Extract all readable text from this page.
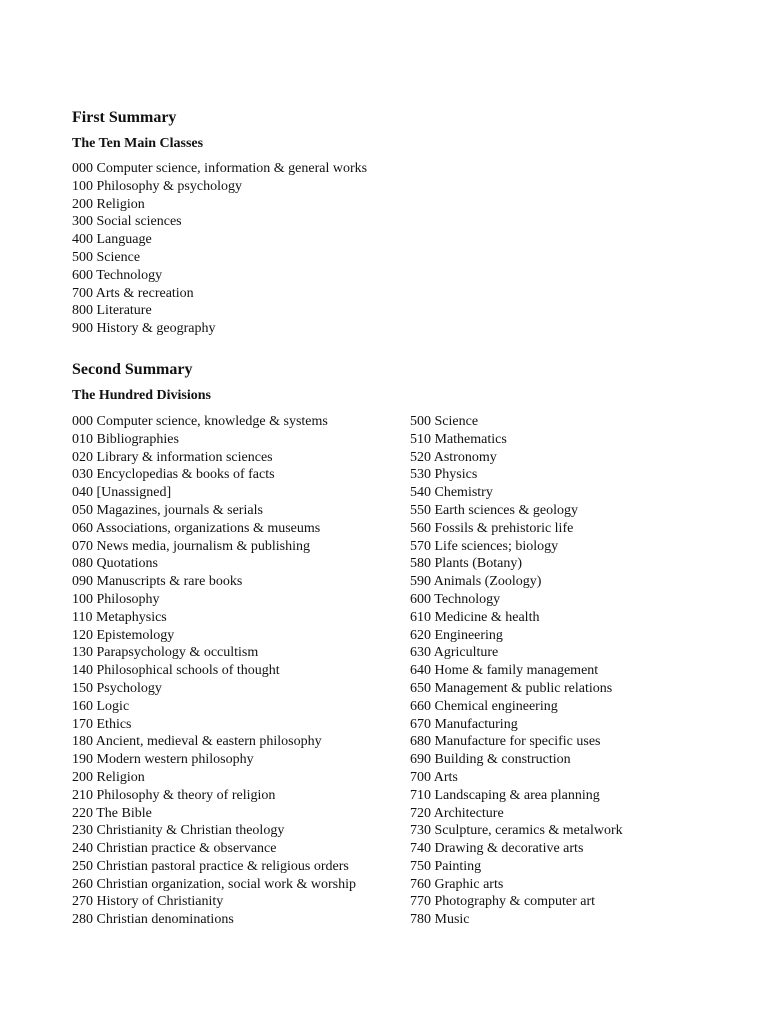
First Summary
The Ten Main Classes
000 Computer science, information & general works
100 Philosophy & psychology
200 Religion
300 Social sciences
400 Language
500 Science
600 Technology
700 Arts & recreation
800 Literature
900 History & geography
Second Summary
The Hundred Divisions
000 Computer science, knowledge & systems
010 Bibliographies
020 Library & information sciences
030 Encyclopedias & books of facts
040 [Unassigned]
050 Magazines, journals & serials
060 Associations, organizations & museums
070 News media, journalism & publishing
080 Quotations
090 Manuscripts & rare books
100 Philosophy
110 Metaphysics
120 Epistemology
130 Parapsychology & occultism
140 Philosophical schools of thought
150 Psychology
160 Logic
170 Ethics
180 Ancient, medieval & eastern philosophy
190 Modern western philosophy
200 Religion
210 Philosophy & theory of religion
220 The Bible
230 Christianity & Christian theology
240 Christian practice & observance
250 Christian pastoral practice & religious orders
260 Christian organization, social work & worship
270 History of Christianity
280 Christian denominations
500 Science
510 Mathematics
520 Astronomy
530 Physics
540 Chemistry
550 Earth sciences & geology
560 Fossils & prehistoric life
570 Life sciences; biology
580 Plants (Botany)
590 Animals (Zoology)
600 Technology
610 Medicine & health
620 Engineering
630 Agriculture
640 Home & family management
650 Management & public relations
660 Chemical engineering
670 Manufacturing
680 Manufacture for specific uses
690 Building & construction
700 Arts
710 Landscaping & area planning
720 Architecture
730 Sculpture, ceramics & metalwork
740 Drawing & decorative arts
750 Painting
760 Graphic arts
770 Photography & computer art
780 Music
